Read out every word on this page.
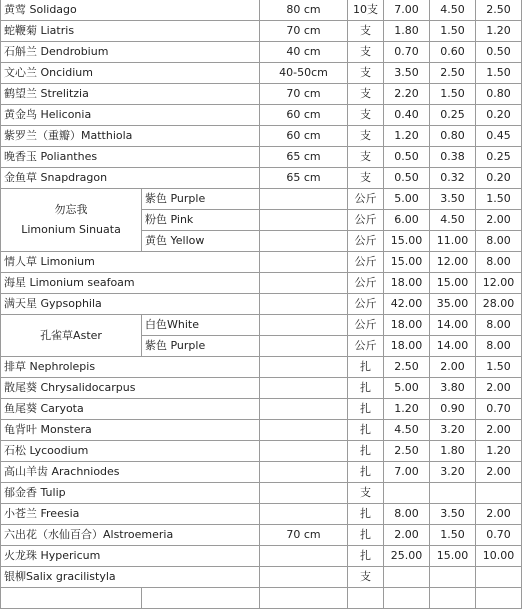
黄莺 Solidago		80 cm	10支	7.00	4.50	2.50
蛇鞭菊 Liatris		70 cm	支	1.80	1.50	1.20
石斛兰 Dendrobium		40 cm	支	0.70	0.60	0.50
文心兰 Oncidium		40-50cm	支	3.50	2.50	1.50
鹤望兰 Strelitzia		70 cm	支	2.20	1.50	0.80
黄金鸟 Heliconia		60 cm	支	0.40	0.25	0.20
紫罗兰（重瓣）Matthiola		60 cm	支	1.20	0.80	0.45
晚香玉 Polianthes		65 cm	支	0.50	0.38	0.25
金鱼草 Snapdragon		65 cm	支	0.50	0.32	0.20

勿忘我
Limonium Sinuata	紫色 Purple		公斤	5.00	3.50	1.50
	粉色 Pink		公斤	6.00	4.50	2.00
	黄色 Yellow		公斤	15.00	11.00	8.00
情人草 Limonium			公斤	15.00	12.00	8.00
海星 Limonium seafoam			公斤	18.00	15.00	12.00
满天星 Gypsophila			公斤	42.00	35.00	28.00
孔雀草Aster	白色White		公斤	18.00	14.00	8.00
	紫色 Purple		公斤	18.00	14.00	8.00
排草 Nephrolepis			扎	2.50	2.00	1.50
散尾葵 Chrysalidocarpus			扎	5.00	3.80	2.00
鱼尾葵 Caryota			扎	1.20	0.90	0.70
龟背叶 Monstera			扎	4.50	3.20	2.00
石松 Lycoodium			扎	2.50	1.80	1.20
高山羊齿 Arachniodes			扎	7.00	3.20	2.00
郁金香 Tulip			支			
小苍兰 Freesia			扎	8.00	3.50	2.00
六出花（水仙百合）Alstroemeria		70 cm	扎	2.00	1.50	0.70
火龙珠 Hypericum			扎	25.00	15.00	10.00
银柳Salix gracilistyla			支			
